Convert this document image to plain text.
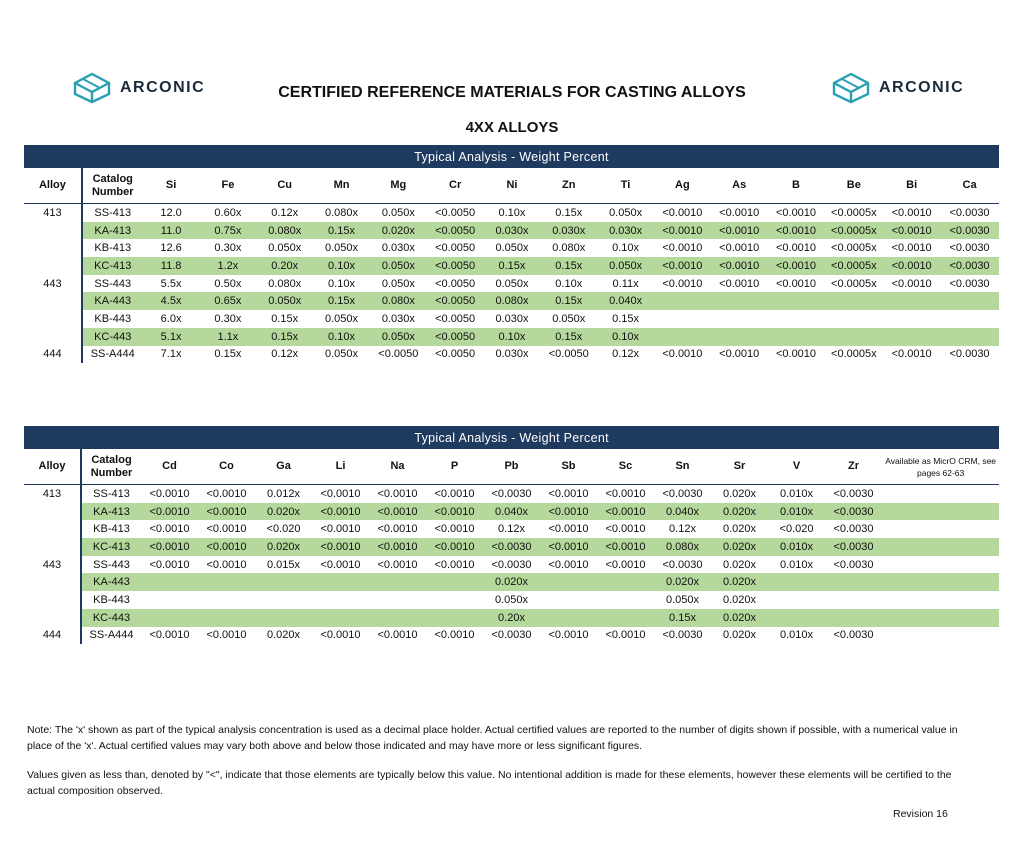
ARCONIC	ARCONIC
CERTIFIED REFERENCE MATERIALS FOR CASTING ALLOYS
4XX ALLOYS
Typical Analysis - Weight Percent																
Alloy	Catalog Number	Si	Fe	Cu	Mn	Mg	Cr	Ni	Zn	Ti	Ag	As	B	Be	Bi	Ca
413	SS-413	12.0	0.60x	0.12x	0.080x	0.050x	<0.0050	0.10x	0.15x	0.050x	<0.0010	<0.0010	<0.0010	<0.0005x	<0.0010	<0.0030
	KA-413	11.0	0.75x	0.080x	0.15x	0.020x	<0.0050	0.030x	0.030x	0.030x	<0.0010	<0.0010	<0.0010	<0.0005x	<0.0010	<0.0030
	KB-413	12.6	0.30x	0.050x	0.050x	0.030x	<0.0050	0.050x	0.080x	0.10x	<0.0010	<0.0010	<0.0010	<0.0005x	<0.0010	<0.0030
	KC-413	11.8	1.2x	0.20x	0.10x	0.050x	<0.0050	0.15x	0.15x	0.050x	<0.0010	<0.0010	<0.0010	<0.0005x	<0.0010	<0.0030
443	SS-443	5.5x	0.50x	0.080x	0.10x	0.050x	<0.0050	0.050x	0.10x	0.11x	<0.0010	<0.0010	<0.0010	<0.0005x	<0.0010	<0.0030
	KA-443	4.5x	0.65x	0.050x	0.15x	0.080x	<0.0050	0.080x	0.15x	0.040x						
	KB-443	6.0x	0.30x	0.15x	0.050x	0.030x	<0.0050	0.030x	0.050x	0.15x						
	KC-443	5.1x	1.1x	0.15x	0.10x	0.050x	<0.0050	0.10x	0.15x	0.10x						
444	SS-A444	7.1x	0.15x	0.12x	0.050x	<0.0050	<0.0050	0.030x	<0.0050	0.12x	<0.0010	<0.0010	<0.0010	<0.0005x	<0.0010	<0.0030
Typical Analysis - Weight Percent															
Alloy	Catalog Number	Cd	Co	Ga	Li	Na	P	Pb	Sb	Sc	Sn	Sr	V	Zr	Available as MicrO CRM, see pages 62-63
413	SS-413	<0.0010	<0.0010	0.012x	<0.0010	<0.0010	<0.0010	<0.0030	<0.0010	<0.0010	<0.0030	0.020x	0.010x	<0.0030	
	KA-413	<0.0010	<0.0010	0.020x	<0.0010	<0.0010	<0.0010	0.040x	<0.0010	<0.0010	0.040x	0.020x	0.010x	<0.0030	
	KB-413	<0.0010	<0.0010	<0.020	<0.0010	<0.0010	<0.0010	0.12x	<0.0010	<0.0010	0.12x	0.020x	<0.020	<0.0030	
	KC-413	<0.0010	<0.0010	0.020x	<0.0010	<0.0010	<0.0010	<0.0030	<0.0010	<0.0010	0.080x	0.020x	0.010x	<0.0030	
443	SS-443	<0.0010	<0.0010	0.015x	<0.0010	<0.0010	<0.0010	<0.0030	<0.0010	<0.0010	<0.0030	0.020x	0.010x	<0.0030	
	KA-443							0.020x			0.020x	0.020x			
	KB-443							0.050x			0.050x	0.020x			
	KC-443							0.20x			0.15x	0.020x			
444	SS-A444	<0.0010	<0.0010	0.020x	<0.0010	<0.0010	<0.0010	<0.0030	<0.0010	<0.0010	<0.0030	0.020x	0.010x	<0.0030	
Note: The 'x' shown as part of the typical analysis concentration is used as a decimal place holder. Actual certified values are reported to the number of digits shown if possible, with a numerical value in place of the 'x'. Actual certified values may vary both above and below those indicated and may have more or less significant figures.
Values given as less than, denoted by "<", indicate that those elements are typically below this value. No intentional addition is made for these elements, however these elements will be certified to the actual composition observed.
Revision 16
